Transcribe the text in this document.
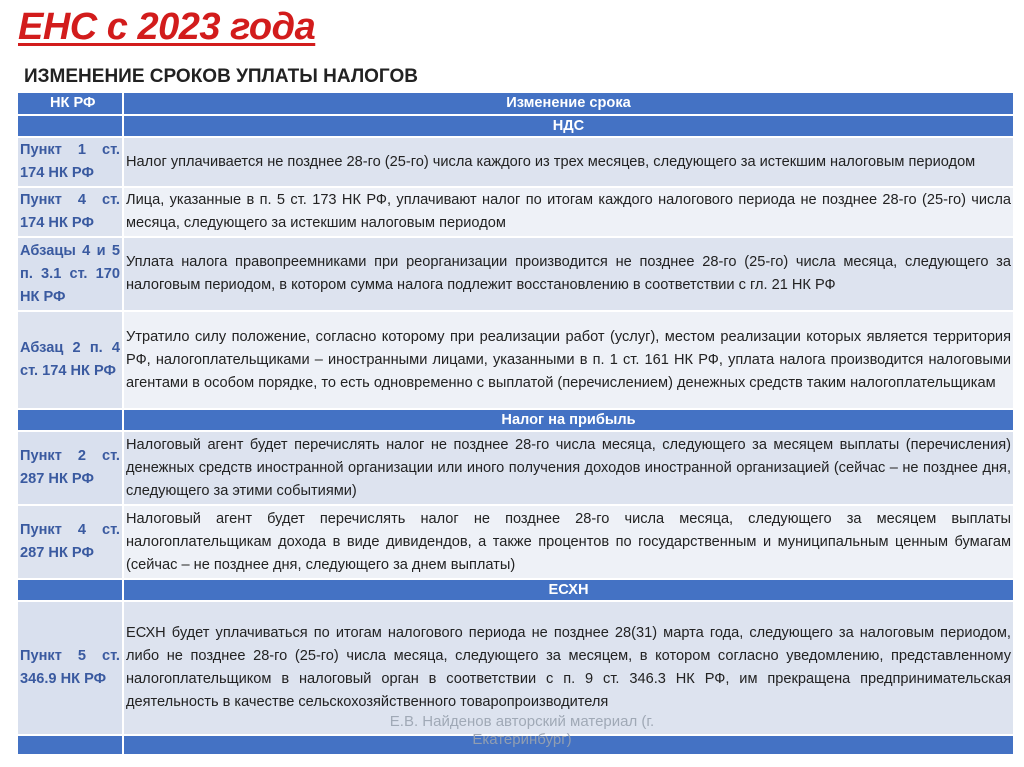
ЕНС с 2023 года
ИЗМЕНЕНИЕ СРОКОВ УПЛАТЫ НАЛОГОВ
НК РФ	Изменение срока
	НДС
Пункт 1 ст. 174 НК РФ	Налог уплачивается не позднее 28-го (25-го) числа каждого из трех месяцев, следующего за истекшим налоговым периодом
Пункт 4 ст. 174 НК РФ	Лица, указанные в п. 5 ст. 173 НК РФ, уплачивают налог по итогам каждого налогового периода не позднее 28-го (25-го) числа месяца, следующего за истекшим налоговым периодом
Абзацы 4 и 5 п. 3.1 ст. 170 НК РФ	Уплата налога правопреемниками при реорганизации производится не позднее 28-го (25-го) числа месяца, следующего за налоговым периодом, в котором сумма налога подлежит восстановлению в соответствии с гл. 21 НК РФ
Абзац 2 п. 4 ст. 174 НК РФ	Утратило силу положение, согласно которому при реализации работ (услуг), местом реализации которых является территория РФ, налогоплательщиками – иностранными лицами, указанными в п. 1 ст. 161 НК РФ, уплата налога производится налоговыми агентами в особом порядке, то есть одновременно с выплатой (перечислением) денежных средств таким налогоплательщикам
	Налог на прибыль
Пункт 2 ст. 287 НК РФ	Налоговый агент будет перечислять налог не позднее 28-го числа месяца, следующего за месяцем выплаты (перечисления) денежных средств иностранной организации или иного получения доходов иностранной организацией (сейчас – не позднее дня, следующего за этими событиями)
Пункт 4 ст. 287 НК РФ	Налоговый агент будет перечислять налог не позднее 28-го числа месяца, следующего за месяцем выплаты налогоплательщикам дохода в виде дивидендов, а также процентов по государственным и муниципальным ценным бумагам (сейчас – не позднее дня, следующего за днем выплаты)
	ЕСХН
Пункт 5 ст. 346.9 НК РФ	ЕСХН будет уплачиваться по итогам налогового периода не позднее 28(31) марта года, следующего за налоговым периодом, либо не позднее 28-го (25-го) числа месяца, следующего за месяцем, в котором согласно уведомлению, представленному налогоплательщиком в налоговый орган в соответствии с п. 9 ст. 346.3 НК РФ, им прекращена предпринимательская деятельность в качестве сельскохозяйственного товаропроизводителя

Е.В. Найденов авторский материал (г. Екатеринбург)
